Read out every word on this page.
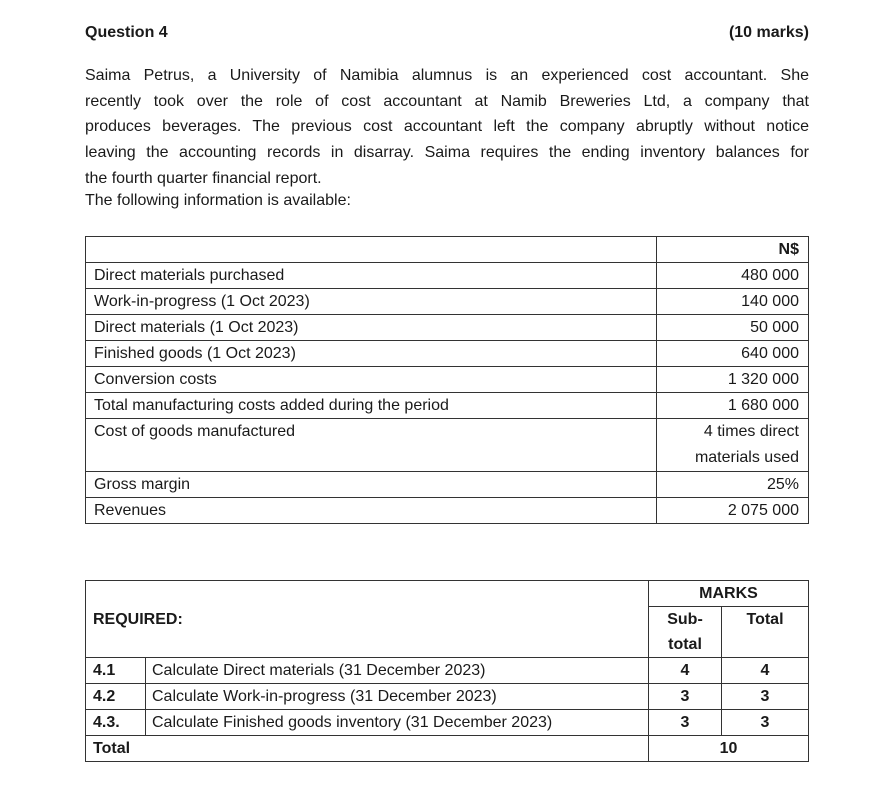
Question 4	(10 marks)

Saima Petrus, a University of Namibia alumnus is an experienced cost accountant. She
recently took over the role of cost accountant at Namib Breweries Ltd, a company that
produces beverages. The previous cost accountant left the company abruptly without notice
leaving the accounting records in disarray. Saima requires the ending inventory balances for
the fourth quarter financial report.

The following information is available:
	N$
Direct materials purchased	480 000
Work-in-progress (1 Oct 2023)	140 000
Direct materials (1 Oct 2023)	50 000
Finished goods (1 Oct 2023)	640 000
Conversion costs	1 320 000
Total manufacturing costs added during the period	1 680 000
Cost of goods manufactured	4 times direct
materials used

Gross margin	25%
Revenues	2 075 000
REQUIRED:		MARKS	
		Sub-	Total
		total	
4.1	Calculate Direct materials (31 December 2023)	4	4
4.2	Calculate Work-in-progress (31 December 2023)	3	3
4.3.	Calculate Finished goods inventory (31 December 2023)	3	3
Total		10	
